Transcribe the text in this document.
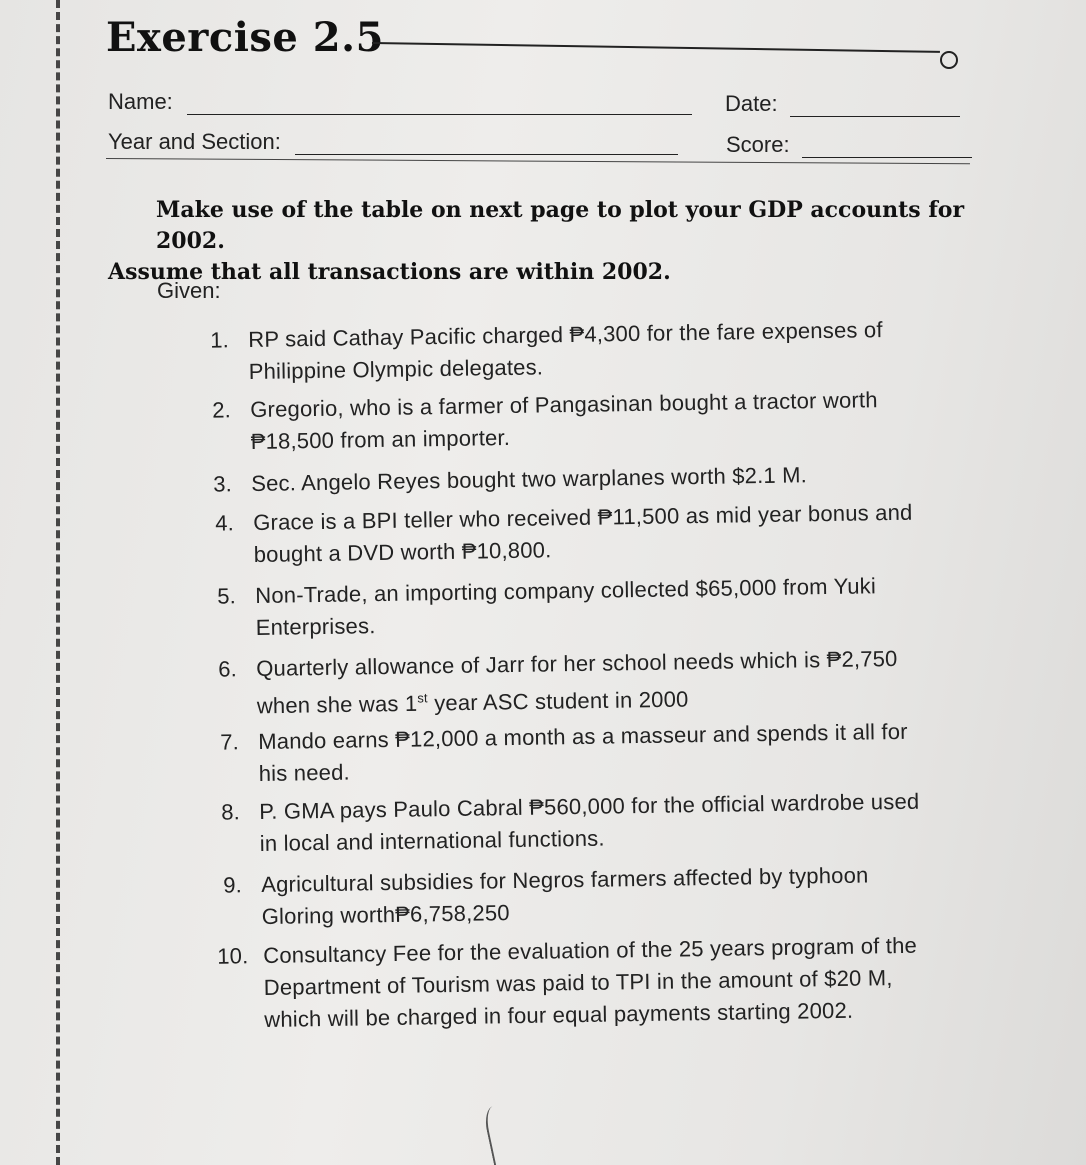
Exercise 2.5
Name:	Date:
Year and Section:	Score:
Make use of the table on next page to plot your GDP accounts for 2002.
Assume that all transactions are within 2002.
Given:
1. RP said Cathay Pacific charged ₱4,300 for the fare expenses of
Philippine Olympic delegates.
2. Gregorio, who is a farmer of Pangasinan bought a tractor worth
₱18,500 from an importer.
3. Sec. Angelo Reyes bought two warplanes worth $2.1 M.
4. Grace is a BPI teller who received ₱11,500 as mid year bonus and
bought a DVD worth ₱10,800.
5. Non-Trade, an importing company collected $65,000 from Yuki
Enterprises.
6. Quarterly allowance of Jarr for her school needs which is ₱2,750
when she was 1st year ASC student in 2000
7. Mando earns ₱12,000 a month as a masseur and spends it all for
his need.
8. P. GMA pays Paulo Cabral ₱560,000 for the official wardrobe used
in local and international functions.
9. Agricultural subsidies for Negros farmers affected by typhoon
Gloring worth₱6,758,250
10. Consultancy Fee for the evaluation of the 25 years program of the
Department of Tourism was paid to TPI in the amount of $20 M,
which will be charged in four equal payments starting 2002.
